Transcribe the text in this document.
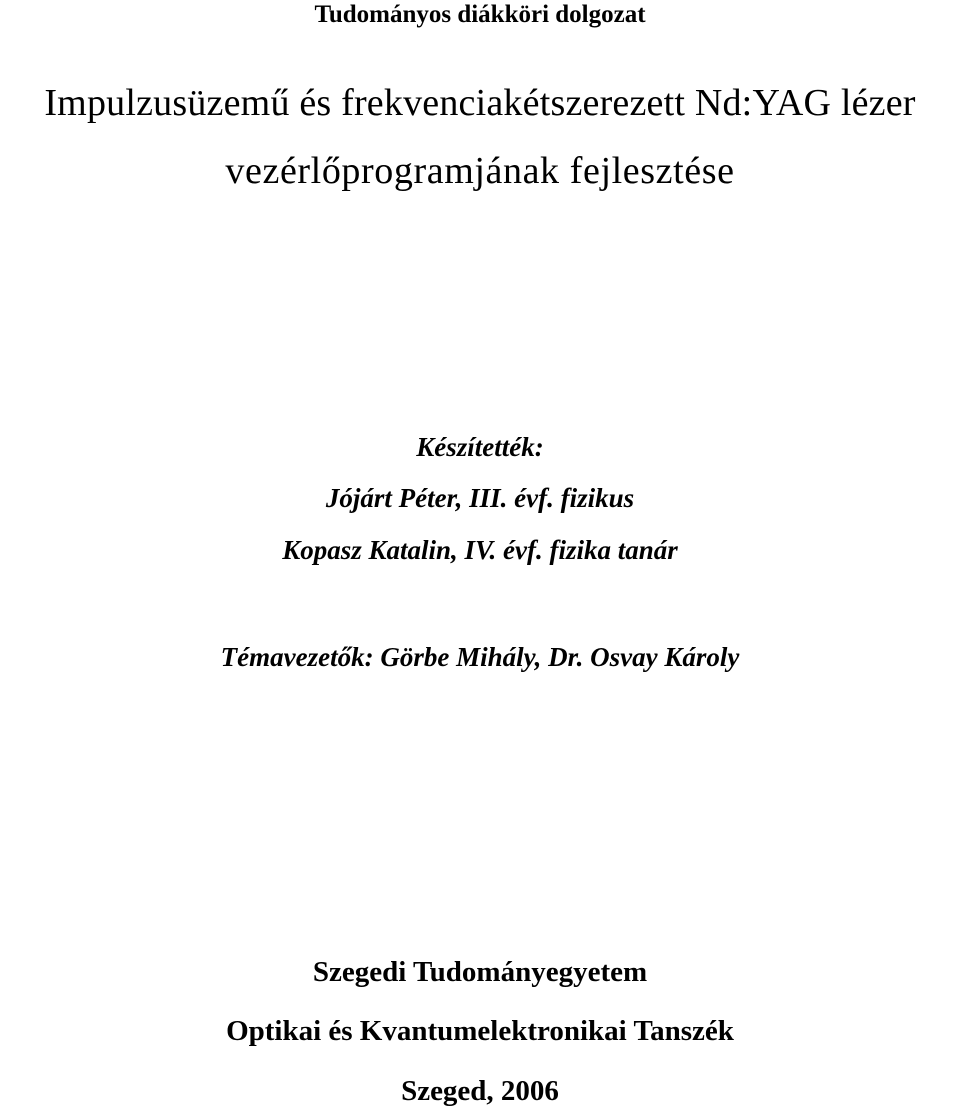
Tudományos diákköri dolgozat
Impulzusüzemű és frekvenciakétszerezett Nd:YAG lézer
vezérlőprogramjának fejlesztése
Készítették:
Jójárt Péter, III. évf. fizikus
Kopasz Katalin, IV. évf. fizika tanár
Témavezetők: Görbe Mihály, Dr. Osvay Károly
Szegedi Tudományegyetem
Optikai és Kvantumelektronikai Tanszék
Szeged, 2006
